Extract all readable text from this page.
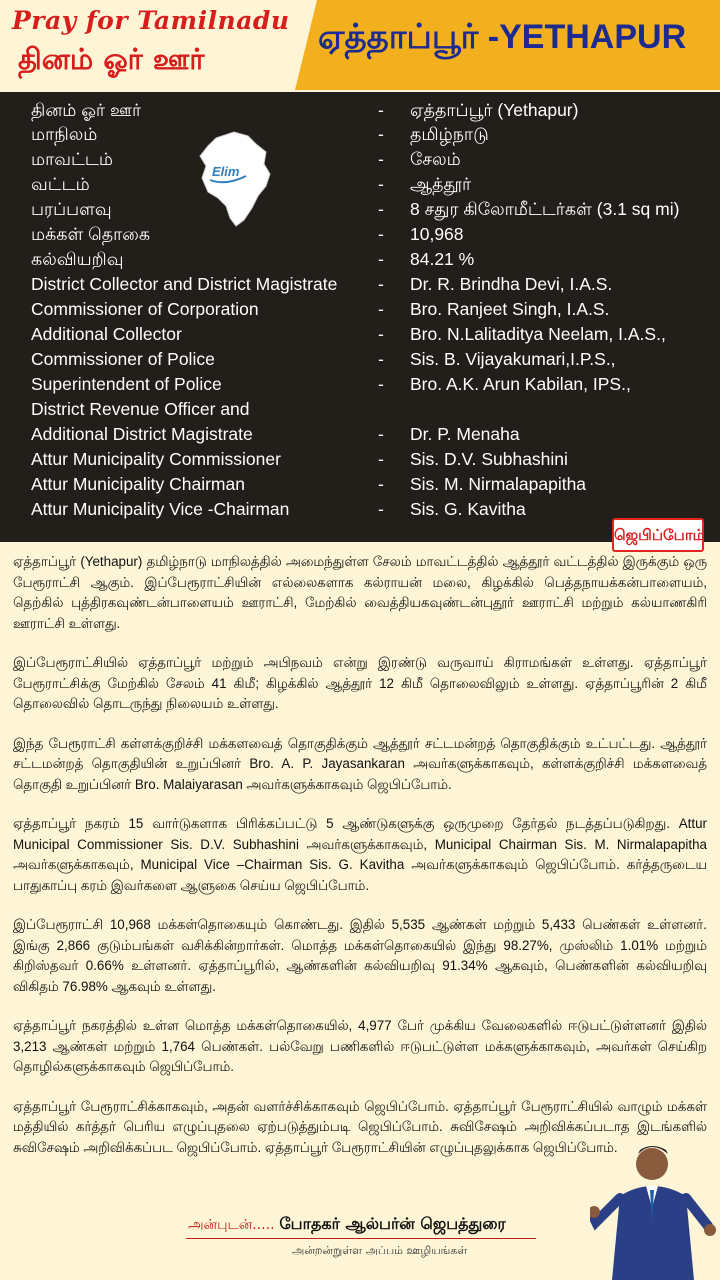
Pray for Tamilnadu
தினம் ஓர் ஊர்
ஏத்தாப்பூர் -YETHAPUR
தினம் ஓர் ஊர்	- ஏத்தாப்பூர் (Yethapur)
மாநிலம்	- தமிழ்நாடு
மாவட்டம்	- சேலம்
வட்டம்	- ஆத்தூர்
பரப்பளவு	- 8 சதுர கிலோமீட்டர்கள் (3.1 sq mi)
மக்கள் தொகை	- 10,968
கல்வியறிவு	- 84.21 %
District Collector and District Magistrate - Dr. R. Brindha Devi, I.A.S.
Commissioner of Corporation	- Bro. Ranjeet Singh, I.A.S.
Additional Collector	- Bro. N.Lalitaditya Neelam, I.A.S.,
Commissioner of Police	- Sis. B. Vijayakumari,I.P.S.,
Superintendent of Police	- Bro. A.K. Arun Kabilan, IPS.,
District Revenue Officer and
Additional District Magistrate	- Dr. P. Menaha
Attur Municipality Commissioner	- Sis. D.V. Subhashini
Attur Municipality Chairman	- Sis. M. Nirmalapapitha
Attur Municipality Vice -Chairman	- Sis. G. Kavitha
Elim
ஜெபிப்போம்

ஏத்தாப்பூர் (Yethapur) தமிழ்நாடு மாநிலத்தில் அமைந்துள்ள சேலம் மாவட்டத்தில் ஆத்தூர் வட்டத்தில் இருக்கும் ஒரு பேரூராட்சி ஆகும். இப்பேரூராட்சியின் எல்லைகளாக கல்ராயன் மலை, கிழக்கில் பெத்தநாயக்கன்பாளையம், தெற்கில் புத்திரகவுண்டன்பாளையம் ஊராட்சி, மேற்கில் வைத்தியகவுண்டன்புதூர் ஊராட்சி மற்றும் கல்யாணகிரி ஊராட்சி உள்ளது.

இப்பேரூராட்சியில் ஏத்தாப்பூர் மற்றும் அபிநவம் என்று இரண்டு வருவாய் கிராமங்கள் உள்ளது. ஏத்தாப்பூர் பேரூராட்சிக்கு மேற்கில் சேலம் 41 கிமீ; கிழக்கில் ஆத்தூர் 12 கிமீ தொலைவிலும் உள்ளது. ஏத்தாப்பூரின் 2 கிமீ தொலைவில் தொடருந்து நிலையம் உள்ளது.

இந்த பேரூராட்சி கள்ளக்குறிச்சி மக்களவைத் தொகுதிக்கும் ஆத்தூர் சட்டமன்றத் தொகுதிக்கும் உட்பட்டது. ஆத்தூர் சட்டமன்றத் தொகுதியின் உறுப்பினர் Bro. A. P. Jayasankaran அவர்களுக்காகவும், கள்ளக்குறிச்சி மக்களவைத் தொகுதி உறுப்பினர் Bro. Malaiyarasan அவர்களுக்காகவும் ஜெபிப்போம்.

ஏத்தாப்பூர் நகரம் 15 வார்டுகளாக பிரிக்கப்பட்டு 5 ஆண்டுகளுக்கு ஒருமுறை தேர்தல் நடத்தப்படுகிறது. Attur Municipal Commissioner Sis. D.V. Subhashini அவர்களுக்காகவும், Municipal Chairman Sis. M. Nirmalapapitha அவர்களுக்காகவும், Municipal Vice –Chairman Sis. G. Kavitha அவர்களுக்காகவும் ஜெபிப்போம். கர்த்தருடைய பாதுகாப்பு கரம் இவர்களை ஆளுகை செய்ய ஜெபிப்போம்.

இப்பேரூராட்சி 10,968 மக்கள்தொகையும் கொண்டது. இதில் 5,535 ஆண்கள் மற்றும் 5,433 பெண்கள் உள்ளனர். இங்கு 2,866 குடும்பங்கள் வசிக்கின்றார்கள். மொத்த மக்கள்தொகையில் இந்து 98.27%, முஸ்லிம் 1.01% மற்றும் கிறிஸ்தவர் 0.66% உள்ளனர். ஏத்தாப்பூரில், ஆண்களின் கல்வியறிவு 91.34% ஆகவும், பெண்களின் கல்வியறிவு விகிதம் 76.98% ஆகவும் உள்ளது.

ஏத்தாப்பூர் நகரத்தில் உள்ள மொத்த மக்கள்தொகையில், 4,977 பேர் முக்கிய வேலைகளில் ஈடுபட்டுள்ளனர் இதில் 3,213 ஆண்கள் மற்றும் 1,764 பெண்கள். பல்வேறு பணிகளில் ஈடுபட்டுள்ள மக்களுக்காகவும், அவர்கள் செய்கிற தொழில்களுக்காகவும் ஜெபிப்போம்.

ஏத்தாப்பூர் பேரூராட்சிக்காகவும், அதன் வளர்ச்சிக்காகவும் ஜெபிப்போம். ஏத்தாப்பூர் பேரூராட்சியில் வாழும் மக்கள் மத்தியில் கர்த்தர் பெரிய எழுப்புதலை ஏற்படுத்தும்படி ஜெபிப்போம். சுவிசேஷம் அறிவிக்கப்படாத இடங்களில் சுவிசேஷம் அறிவிக்கப்பட ஜெபிப்போம். ஏத்தாப்பூர் பேரூராட்சியின் எழுப்புதலுக்காக ஜெபிப்போம்.

அன்புடன்..... போதகர் ஆல்பர்ன் ஜெபத்துரை
அன்றன்றுள்ள அப்பம் ஊழியங்கள்
